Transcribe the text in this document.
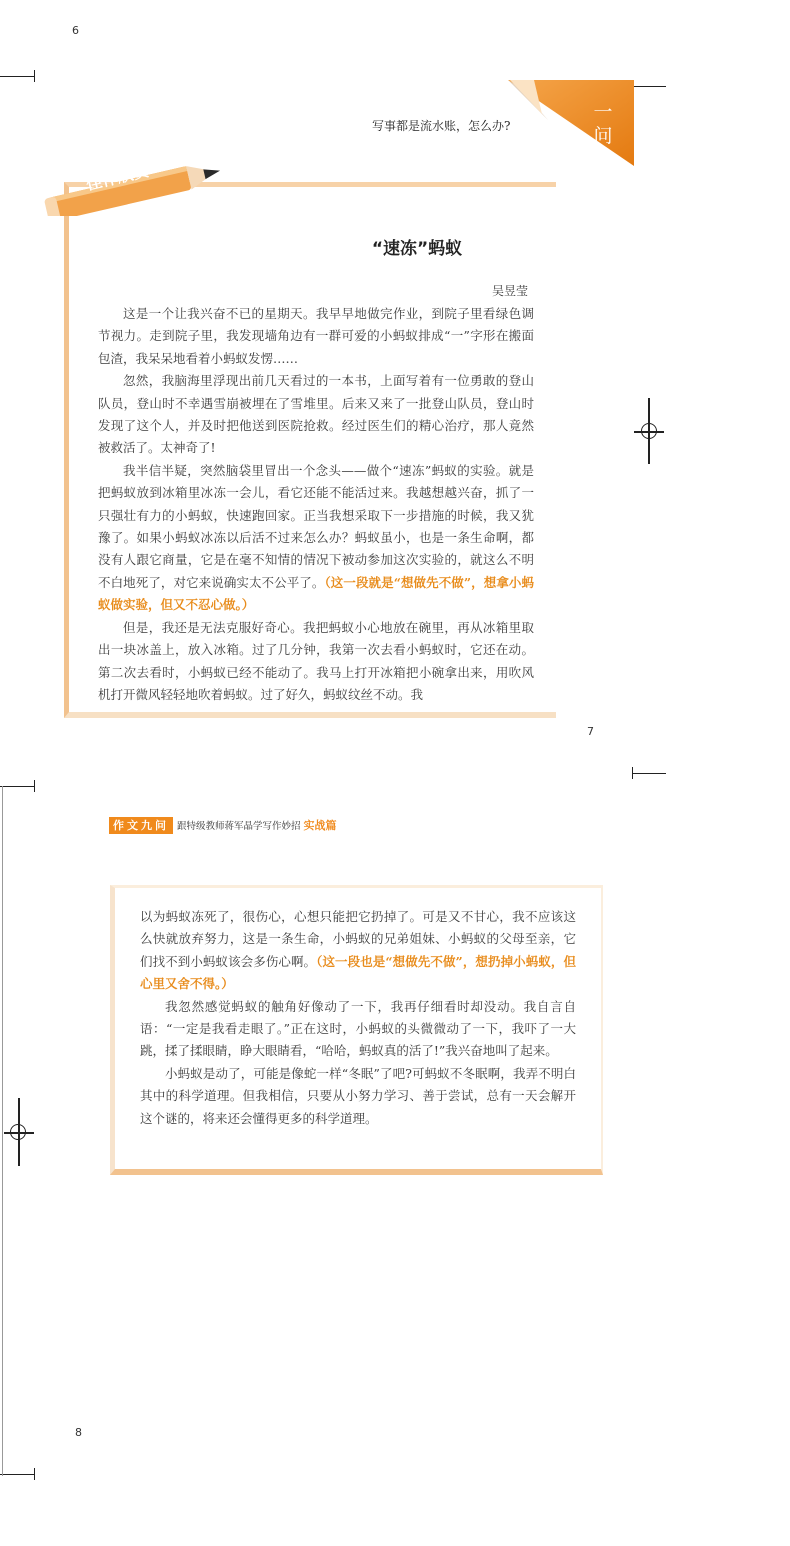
6
写事都是流水账，怎么办?
一问
佳作欣赏
“速冻”蚂蚁
吴昱莹

这是一个让我兴奋不已的星期天。我早早地做完作业，到院子里看绿色调节视力。走到院子里，我发现墙角边有一群可爱的小蚂蚁排成“一”字形在搬面包渣，我呆呆地看着小蚂蚁发愣……

忽然，我脑海里浮现出前几天看过的一本书，上面写着有一位勇敢的登山队员，登山时不幸遇雪崩被埋在了雪堆里。后来又来了一批登山队员，登山时发现了这个人，并及时把他送到医院抢救。经过医生们的精心治疗，那人竟然被救活了。太神奇了!

我半信半疑，突然脑袋里冒出一个念头——做个“速冻”蚂蚁的实验。就是把蚂蚁放到冰箱里冰冻一会儿，看它还能不能活过来。我越想越兴奋，抓了一只强壮有力的小蚂蚁，快速跑回家。正当我想采取下一步措施的时候，我又犹豫了。如果小蚂蚁冰冻以后活不过来怎么办？蚂蚁虽小，也是一条生命啊，都没有人跟它商量，它是在毫不知情的情况下被动参加这次实验的，就这么不明不白地死了，对它来说确实太不公平了。（这一段就是“想做先不做”，想拿小蚂蚁做实验，但又不忍心做。）

但是，我还是无法克服好奇心。我把蚂蚁小心地放在碗里，再从冰箱里取出一块冰盖上，放入冰箱。过了几分钟，我第一次去看小蚂蚁时，它还在动。第二次去看时，小蚂蚁已经不能动了。我马上打开冰箱把小碗拿出来，用吹风机打开微风轻轻地吹着蚂蚁。过了好久，蚂蚁纹丝不动。我

7
作文九问 跟特级教师蒋军晶学写作妙招 实战篇

以为蚂蚁冻死了，很伤心，心想只能把它扔掉了。可是又不甘心，我不应该这么快就放弃努力，这是一条生命，小蚂蚁的兄弟姐妹、小蚂蚁的父母至亲，它们找不到小蚂蚁该会多伤心啊。（这一段也是“想做先不做”，想扔掉小蚂蚁，但心里又舍不得。）

我忽然感觉蚂蚁的触角好像动了一下，我再仔细看时却没动。我自言自语：“一定是我看走眼了。”正在这时，小蚂蚁的头微微动了一下，我吓了一大跳，揉了揉眼睛，睁大眼睛看，“哈哈，蚂蚁真的活了!”我兴奋地叫了起来。

小蚂蚁是动了，可能是像蛇一样“冬眠”了吧?可蚂蚁不冬眠啊，我弄不明白其中的科学道理。但我相信，只要从小努力学习、善于尝试，总有一天会解开这个谜的，将来还会懂得更多的科学道理。

8
